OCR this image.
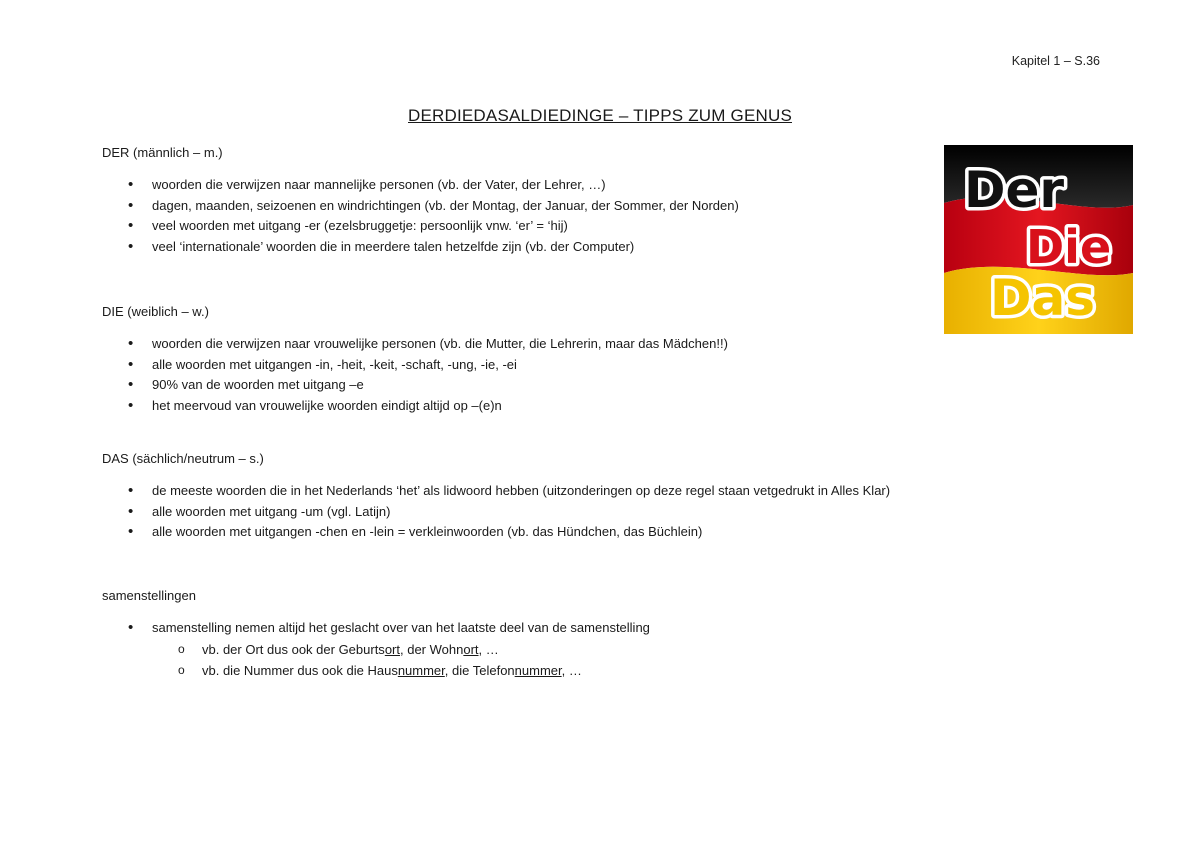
Kapitel 1 – S.36
DERDIEDASALDIEDINGE – TIPPS ZUM GENUS
DER (männlich – m.)
• woorden die verwijzen naar mannelijke personen (vb. der Vater, der Lehrer, …)
• dagen, maanden, seizoenen en windrichtingen (vb. der Montag, der Januar, der Sommer, der Norden)
• veel woorden met uitgang -er (ezelsbruggetje: persoonlijk vnw. ‘er’ = ‘hij)
• veel ‘internationale’ woorden die in meerdere talen hetzelfde zijn (vb. der Computer)
DIE (weiblich – w.)
• woorden die verwijzen naar vrouwelijke personen (vb. die Mutter, die Lehrerin, maar das Mädchen!!)
• alle woorden met uitgangen -in, -heit, -keit, -schaft, -ung, -ie, -ei
• 90% van de woorden met uitgang –e
• het meervoud van vrouwelijke woorden eindigt altijd op –(e)n
DAS (sächlich/neutrum – s.)
• de meeste woorden die in het Nederlands ‘het’ als lidwoord hebben (uitzonderingen op deze regel staan vetgedrukt in Alles Klar)
• alle woorden met uitgang -um (vgl. Latijn)
• alle woorden met uitgangen -chen en -lein = verkleinwoorden (vb. das Hündchen, das Büchlein)
samenstellingen
• samenstelling nemen altijd het geslacht over van het laatste deel van de samenstelling
o vb. der Ort dus ook der Geburtsort, der Wohnort, …
o vb. die Nummer dus ook die Hausnummer, die Telefonnummer, …
Der
Die
Das
